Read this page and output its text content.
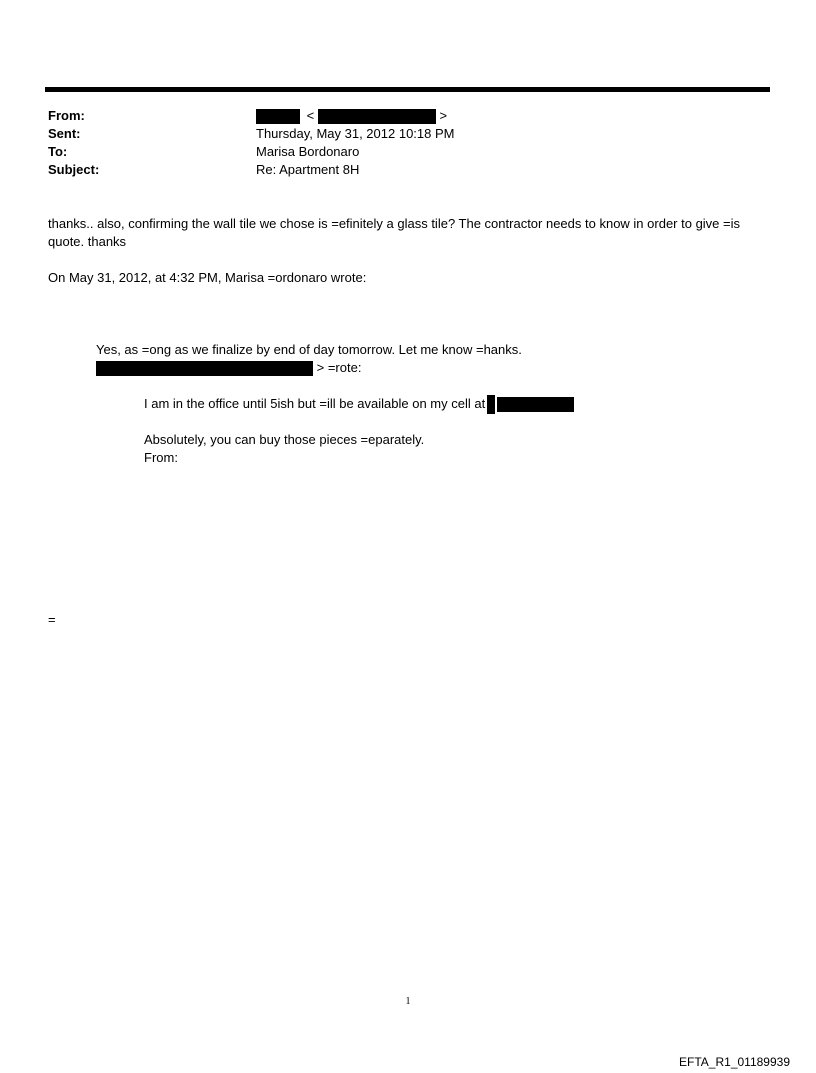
From:	<	>
Sent:	Thursday, May 31, 2012 10:18 PM
To:	Marisa Bordonaro
Subject:	Re: Apartment 8H
thanks.. also, confirming the wall tile we chose is =efinitely a glass tile? The contractor needs to know in order to give =is quote. thanks
On May 31, 2012, at 4:32 PM, Marisa =ordonaro wrote:
Yes, as =ong as we finalize by end of day tomorrow. Let me know =hanks.
> =rote:
I am in the office until 5ish but =ill be available on my cell at
Absolutely, you can buy those pieces =eparately.
From:
=
1
EFTA_R1_01189939
